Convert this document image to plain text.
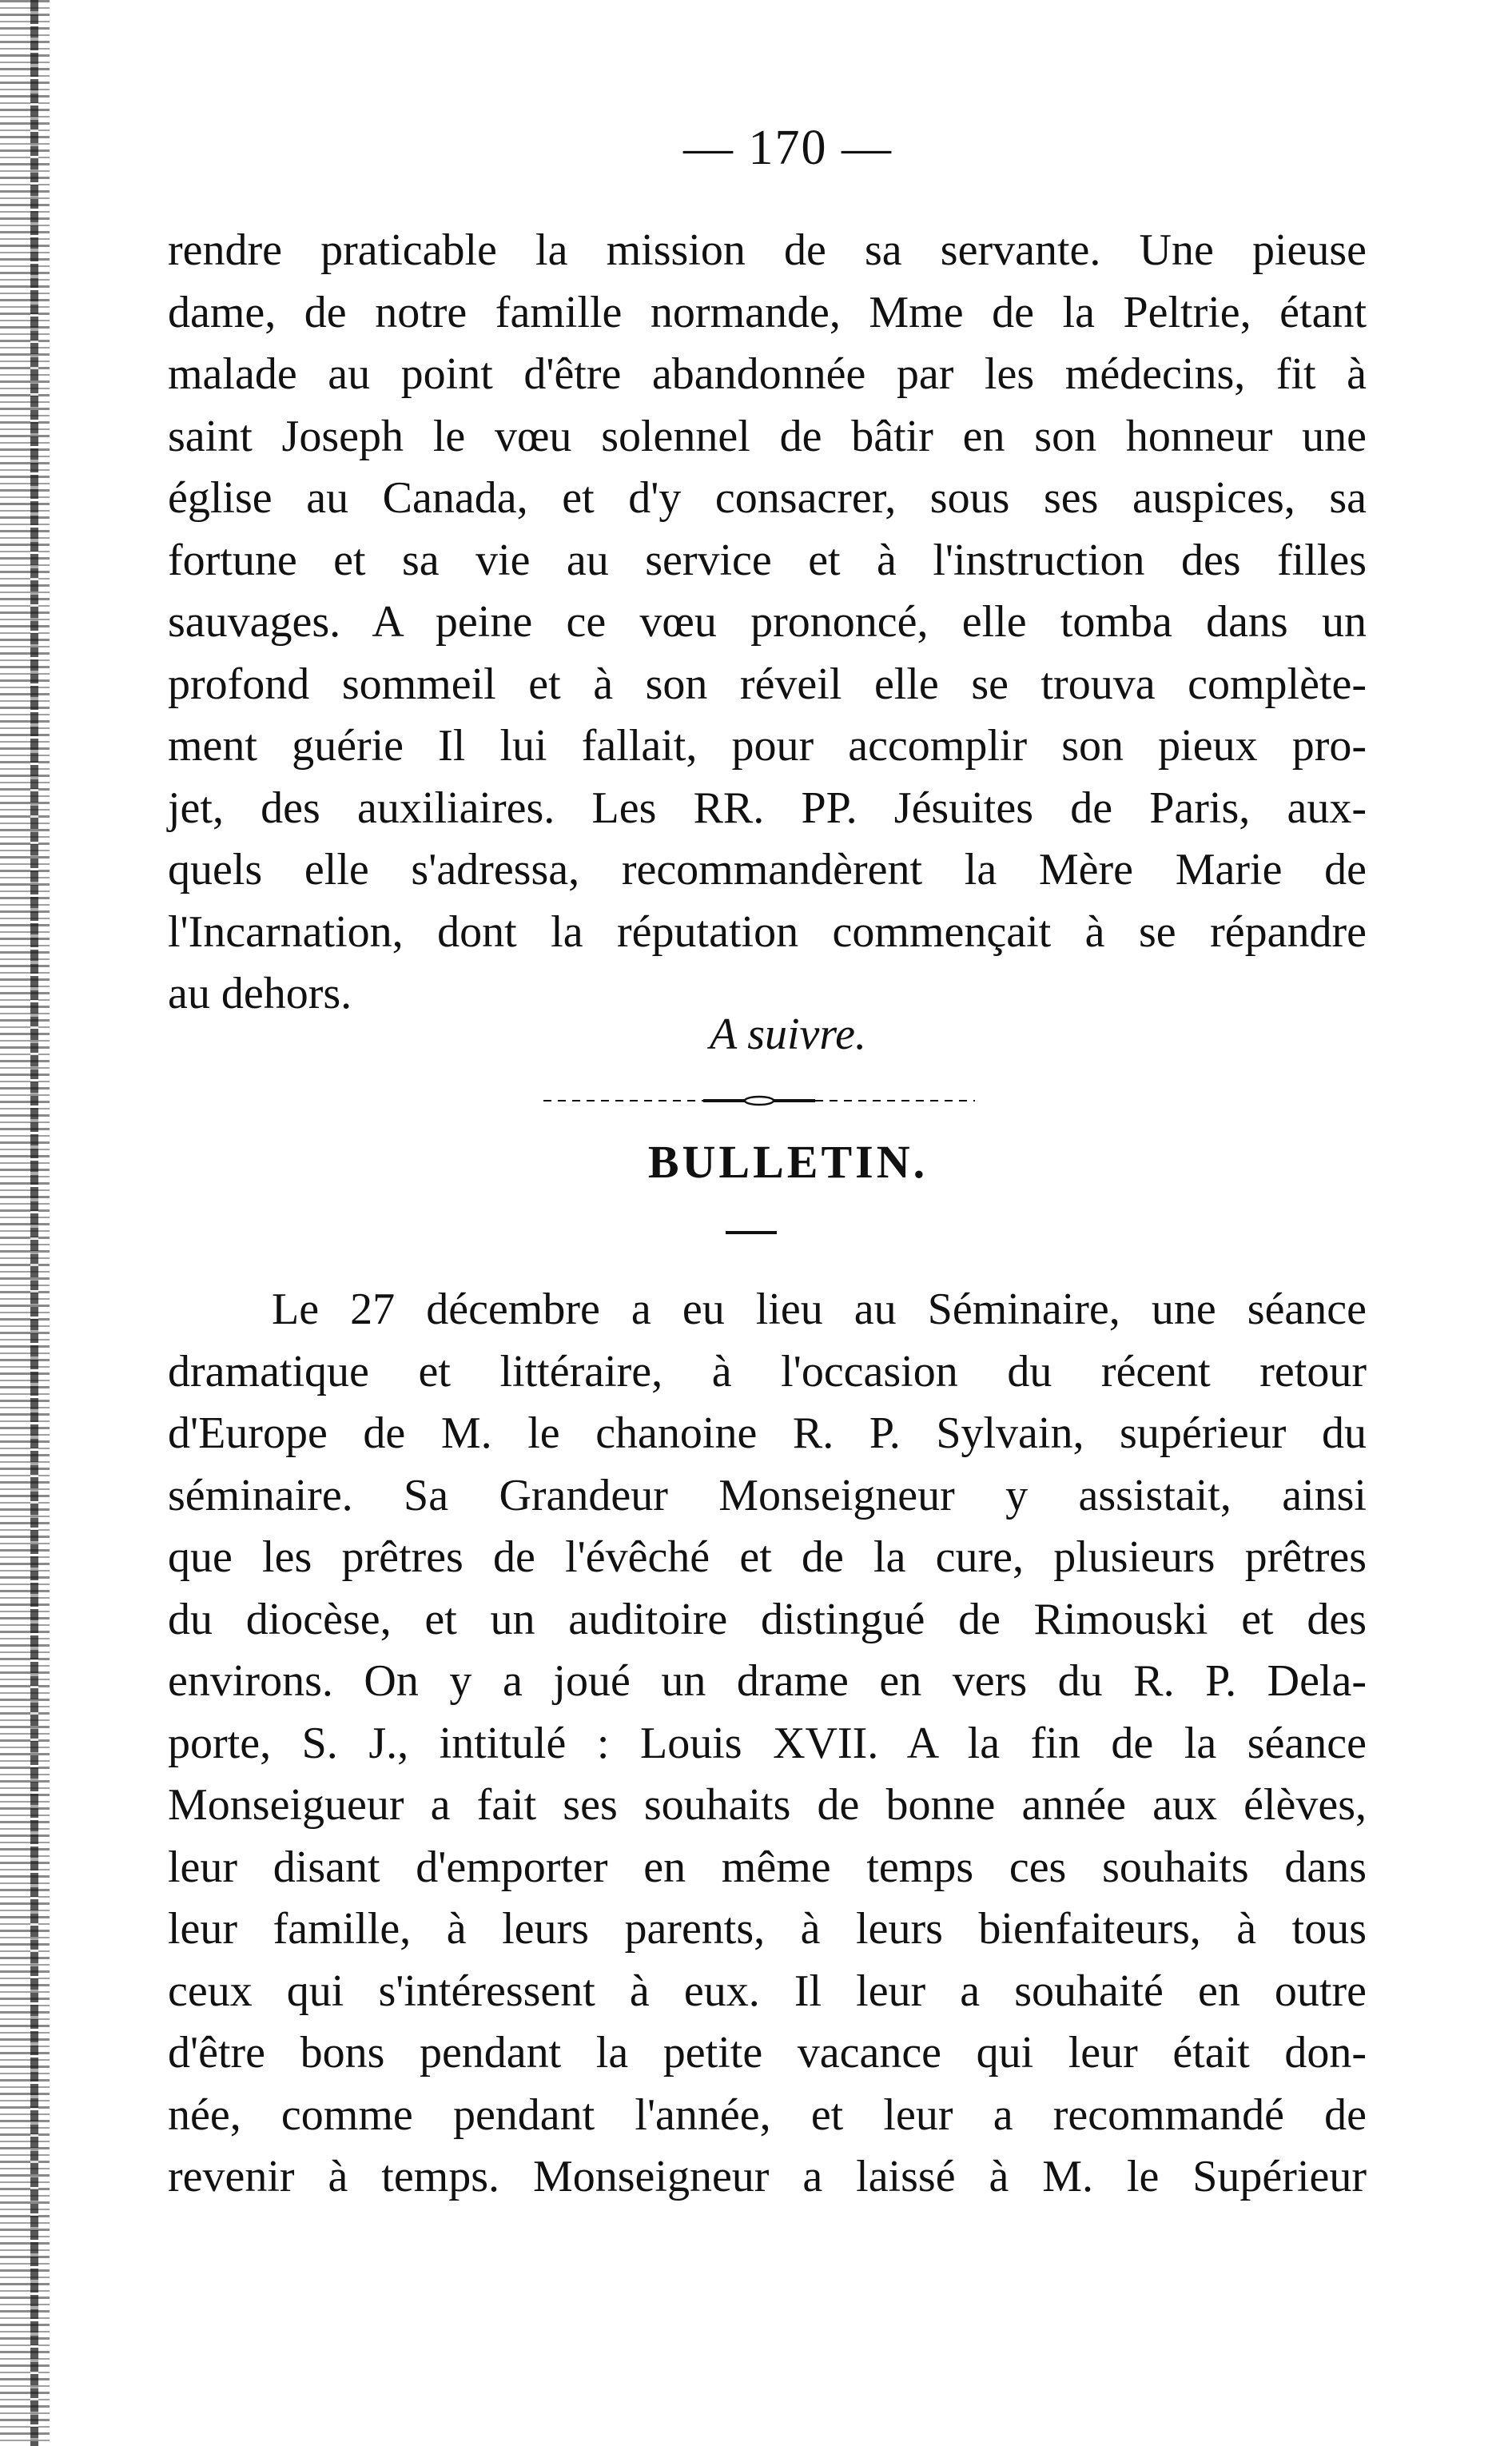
— 170 —
rendre praticable la mission de sa servante. Une pieuse
dame, de notre famille normande, Mme de la Peltrie, étant
malade au point d'être abandonnée par les médecins, fit à
saint Joseph le vœu solennel de bâtir en son honneur une
église au Canada, et d'y consacrer, sous ses auspices, sa
fortune et sa vie au service et à l'instruction des filles
sauvages. A peine ce vœu prononcé, elle tomba dans un
profond sommeil et à son réveil elle se trouva complète-
ment guérie Il lui fallait, pour accomplir son pieux pro-
jet, des auxiliaires. Les RR. PP. Jésuites de Paris, aux-
quels elle s'adressa, recommandèrent la Mère Marie de
l'Incarnation, dont la réputation commençait à se répandre
au dehors.
A suivre.
BULLETIN.
Le 27 décembre a eu lieu au Séminaire, une séance
dramatique et littéraire, à l'occasion du récent retour
d'Europe de M. le chanoine R. P. Sylvain, supérieur du
séminaire. Sa Grandeur Monseigneur y assistait, ainsi
que les prêtres de l'évêché et de la cure, plusieurs prêtres
du diocèse, et un auditoire distingué de Rimouski et des
environs. On y a joué un drame en vers du R. P. Dela-
porte, S. J., intitulé : Louis XVII. A la fin de la séance
Monseigueur a fait ses souhaits de bonne année aux élèves,
leur disant d'emporter en même temps ces souhaits dans
leur famille, à leurs parents, à leurs bienfaiteurs, à tous
ceux qui s'intéressent à eux. Il leur a souhaité en outre
d'être bons pendant la petite vacance qui leur était don-
née, comme pendant l'année, et leur a recommandé de
revenir à temps. Monseigneur a laissé à M. le Supérieur
